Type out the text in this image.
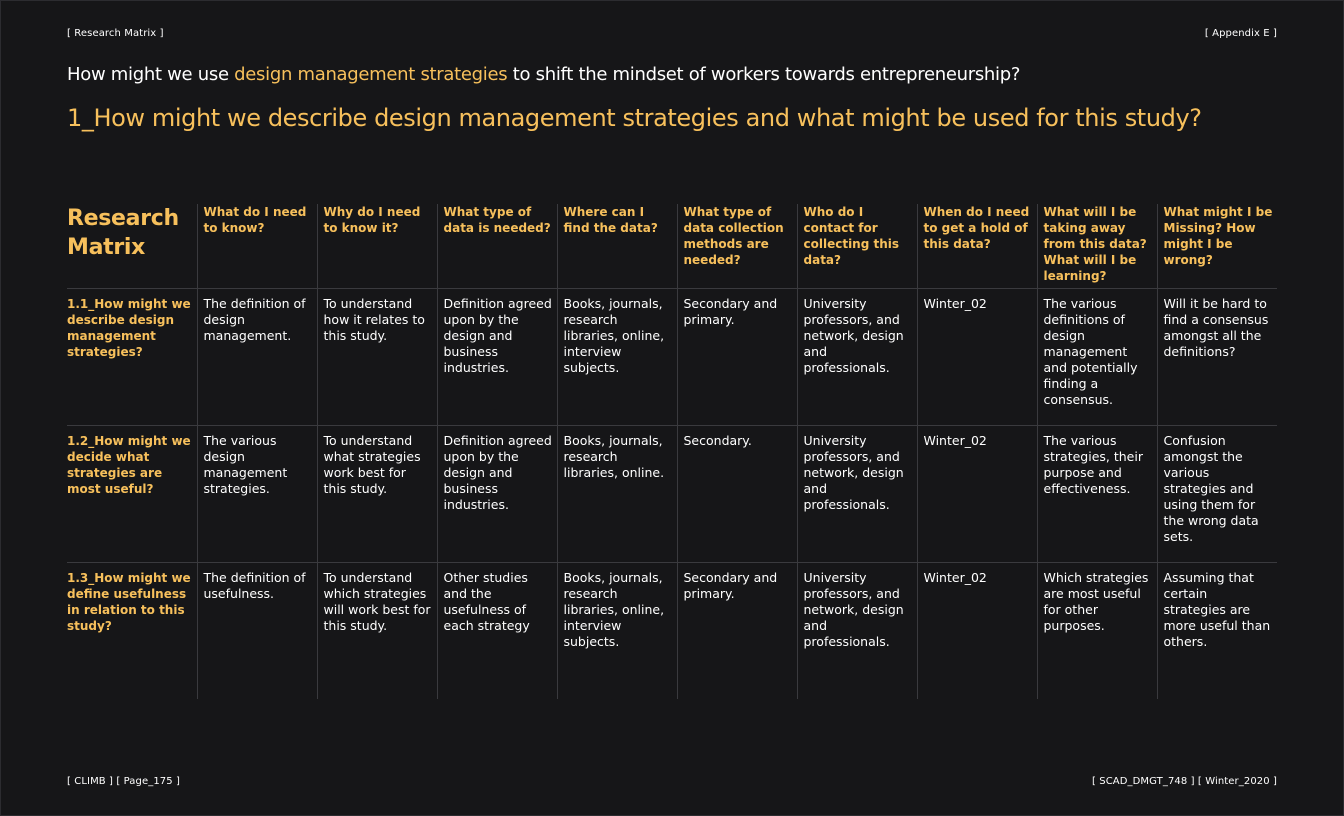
[ Research Matrix ]	[ Appendix E ]
How might we use design management strategies to shift the mindset of workers towards entrepreneurship?
1_How might we describe design management strategies and what might be used for this study?
Research Matrix	What do I need to know?	Why do I need to know it?	What type of data is needed?	Where can I find the data?	What type of data collection methods are needed?	Who do I contact for collecting this data?	When do I need to get a hold of this data?	What will I be taking away from this data? What will I be learning?	What might I be Missing? How might I be wrong?
1.1_How might we describe design management strategies?	The definition of design management.	To understand how it relates to this study.	Definition agreed upon by the design and business industries.	Books, journals, research libraries, online, interview subjects.	Secondary and primary.	University professors, and network, design and professionals.	Winter_02	The various definitions of design management and potentially finding a consensus.	Will it be hard to find a consensus amongst all the definitions?
1.2_How might we decide what strategies are most useful?	The various design management strategies.	To understand what strategies work best for this study.	Definition agreed upon by the design and business industries.	Books, journals, research libraries, online.	Secondary.	University professors, and network, design and professionals.	Winter_02	The various strategies, their purpose and effectiveness.	Confusion amongst the various strategies and using them for the wrong data sets.
1.3_How might we define usefulness in relation to this study?	The definition of usefulness.	To understand which strategies will work best for this study.	Other studies and the usefulness of each strategy	Books, journals, research libraries, online, interview subjects.	Secondary and primary.	University professors, and network, design and professionals.	Winter_02	Which strategies are most useful for other purposes.	Assuming that certain strategies are more useful than others.
[ CLIMB ] [ Page_175 ]	[ SCAD_DMGT_748 ] [ Winter_2020 ]
